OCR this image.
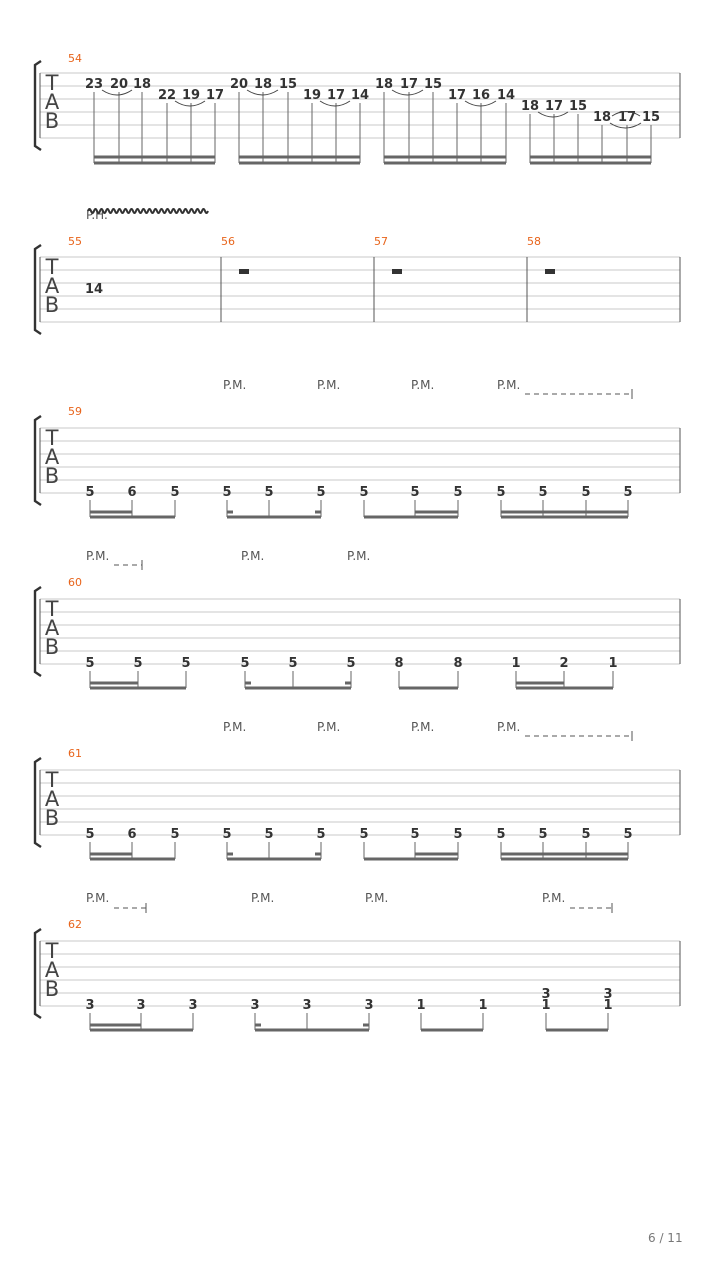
T
A
B
54
23 20 18
22 19 17
20 18 15
19 17 14
18 17 15
17 16 14
18 17 15
18 17 15
T
A
B
55	56	57	58
P.H.
14
T
A
B
59
P.M.	P.M.	P.M.	P.M.
5	6	5	5	5	5	5	5	5	5	5	5	5
T
A
B
61
P.M.	P.M.	P.M.	P.M.
5	6	5	5	5	5	5	5	5	5	5	5	5
T
A
B
60
P.M.	P.M.	P.M.
5	5	5	5	5	5	8	8	1	2	1
T
A
B
62
P.M.	P.M.	P.M.	P.M.
3	3	3	3	3	3	1	1
3
1
3
1
6 / 11
